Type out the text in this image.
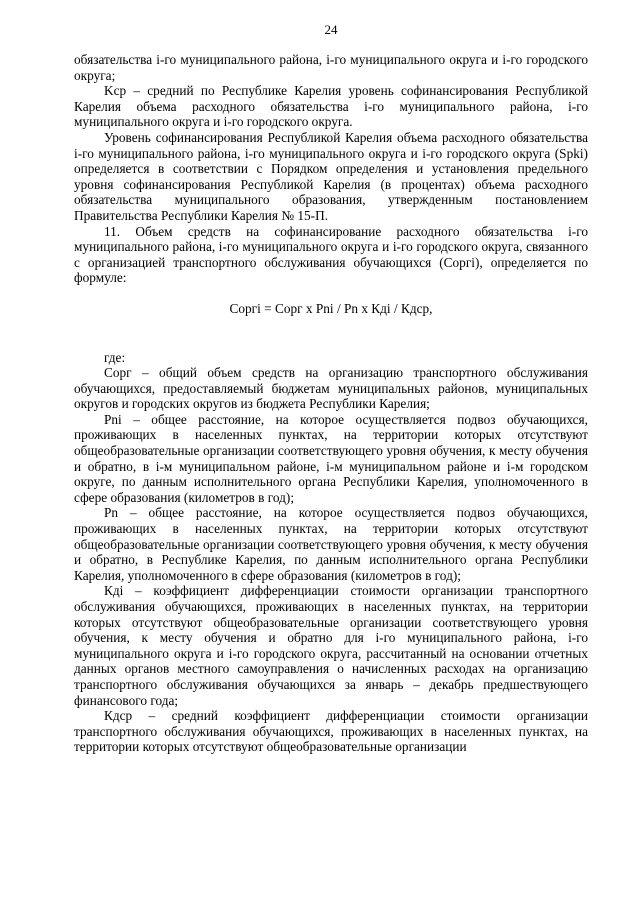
24

обязательства i-го муниципального района, i-го муниципального округа и i-го городского округа;

Kср – средний по Республике Карелия уровень софинансирования Республикой Карелия объема расходного обязательства i-го муниципального района, i-го муниципального округа и i-го городского округа.

Уровень софинансирования Республикой Карелия объема расходного обязательства i-го муниципального района, i-го муниципального округа и i-го городского округа (Spki) определяется в соответствии с Порядком определения и установления предельного уровня софинансирования Республикой Карелия (в процентах) объема расходного обязательства муниципального образования, утвержденным постановлением Правительства Республики Карелия № 15-П.

11. Объем средств на софинансирование расходного обязательства i-го муниципального района, i-го муниципального округа и i-го городского округа, связанного с организацией транспортного обслуживания обучающихся (Соргi), определяется по формуле:

Соргi = Сорг х Pni / Pn х Кдi / Кдср,

где:

Сорг – общий объем средств на организацию транспортного обслуживания обучающихся, предоставляемый бюджетам муниципальных районов, муниципальных округов и городских округов из бюджета Республики Карелия;

Pni – общее расстояние, на которое осуществляется подвоз обучающихся, проживающих в населенных пунктах, на территории которых отсутствуют общеобразовательные организации соответствующего уровня обучения, к месту обучения и обратно, в i-м муниципальном районе, i-м муниципальном районе и i-м городском округе, по данным исполнительного органа Республики Карелия, уполномоченного в сфере образования (километров в год);

Pn – общее расстояние, на которое осуществляется подвоз обучающихся, проживающих в населенных пунктах, на территории которых отсутствуют общеобразовательные организации соответствующего уровня обучения, к месту обучения и обратно, в Республике Карелия, по данным исполнительного органа Республики Карелия, уполномоченного в сфере образования (километров в год);

Кдi – коэффициент дифференциации стоимости организации транспортного обслуживания обучающихся, проживающих в населенных пунктах, на территории которых отсутствуют общеобразовательные организации соответствующего уровня обучения, к месту обучения и обратно для i-го муниципального района, i-го муниципального округа и i-го городского округа, рассчитанный на основании отчетных данных органов местного самоуправления о начисленных расходах на организацию транспортного обслуживания обучающихся за январь – декабрь предшествующего финансового года;

Кдср – средний коэффициент дифференциации стоимости организации транспортного обслуживания обучающихся, проживающих в населенных пунктах, на территории которых отсутствуют общеобразовательные организации
